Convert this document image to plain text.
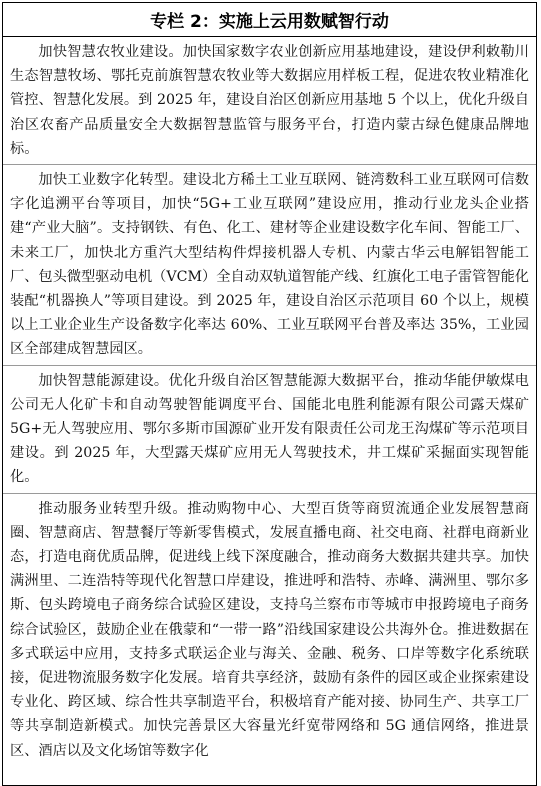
专栏 2：实施上云用数赋智行动

加快智慧农牧业建设。加快国家数字农业创新应用基地建设，建设伊利敕勒川生态智慧牧场、鄂托克前旗智慧农牧业等大数据应用样板工程，促进农牧业精准化管控、智慧化发展。到 2025 年，建设自治区创新应用基地 5 个以上，优化升级自治区农畜产品质量安全大数据智慧监管与服务平台，打造内蒙古绿色健康品牌地标。

加快工业数字化转型。建设北方稀土工业互联网、链湾数科工业互联网可信数字化追溯平台等项目，加快“5G+工业互联网”建设应用，推动行业龙头企业搭建“产业大脑”。支持钢铁、有色、化工、建材等企业建设数字化车间、智能工厂、未来工厂，加快北方重汽大型结构件焊接机器人专机、内蒙古华云电解铝智能工厂、包头微型驱动电机（VCM）全自动双轨道智能产线、红旗化工电子雷管智能化装配“机器换人”等项目建设。到 2025 年，建设自治区示范项目 60 个以上，规模以上工业企业生产设备数字化率达 60%、工业互联网平台普及率达 35%，工业园区全部建成智慧园区。

加快智慧能源建设。优化升级自治区智慧能源大数据平台，推动华能伊敏煤电公司无人化矿卡和自动驾驶智能调度平台、国能北电胜利能源有限公司露天煤矿 5G+无人驾驶应用、鄂尔多斯市国源矿业开发有限责任公司龙王沟煤矿等示范项目建设。到 2025 年，大型露天煤矿应用无人驾驶技术，井工煤矿采掘面实现智能化。

推动服务业转型升级。推动购物中心、大型百货等商贸流通企业发展智慧商圈、智慧商店、智慧餐厅等新零售模式，发展直播电商、社交电商、社群电商新业态，打造电商优质品牌，促进线上线下深度融合，推动商务大数据共建共享。加快满洲里、二连浩特等现代化智慧口岸建设，推进呼和浩特、赤峰、满洲里、鄂尔多斯、包头跨境电子商务综合试验区建设，支持乌兰察布市等城市申报跨境电子商务综合试验区，鼓励企业在俄蒙和“一带一路”沿线国家建设公共海外仓。推进数据在多式联运中应用，支持多式联运企业与海关、金融、税务、口岸等数字化系统联接，促进物流服务数字化发展。培育共享经济，鼓励有条件的园区或企业探索建设专业化、跨区域、综合性共享制造平台，积极培育产能对接、协同生产、共享工厂等共享制造新模式。加快完善景区大容量光纤宽带网络和 5G 通信网络，推进景区、酒店以及文化场馆等数字化
